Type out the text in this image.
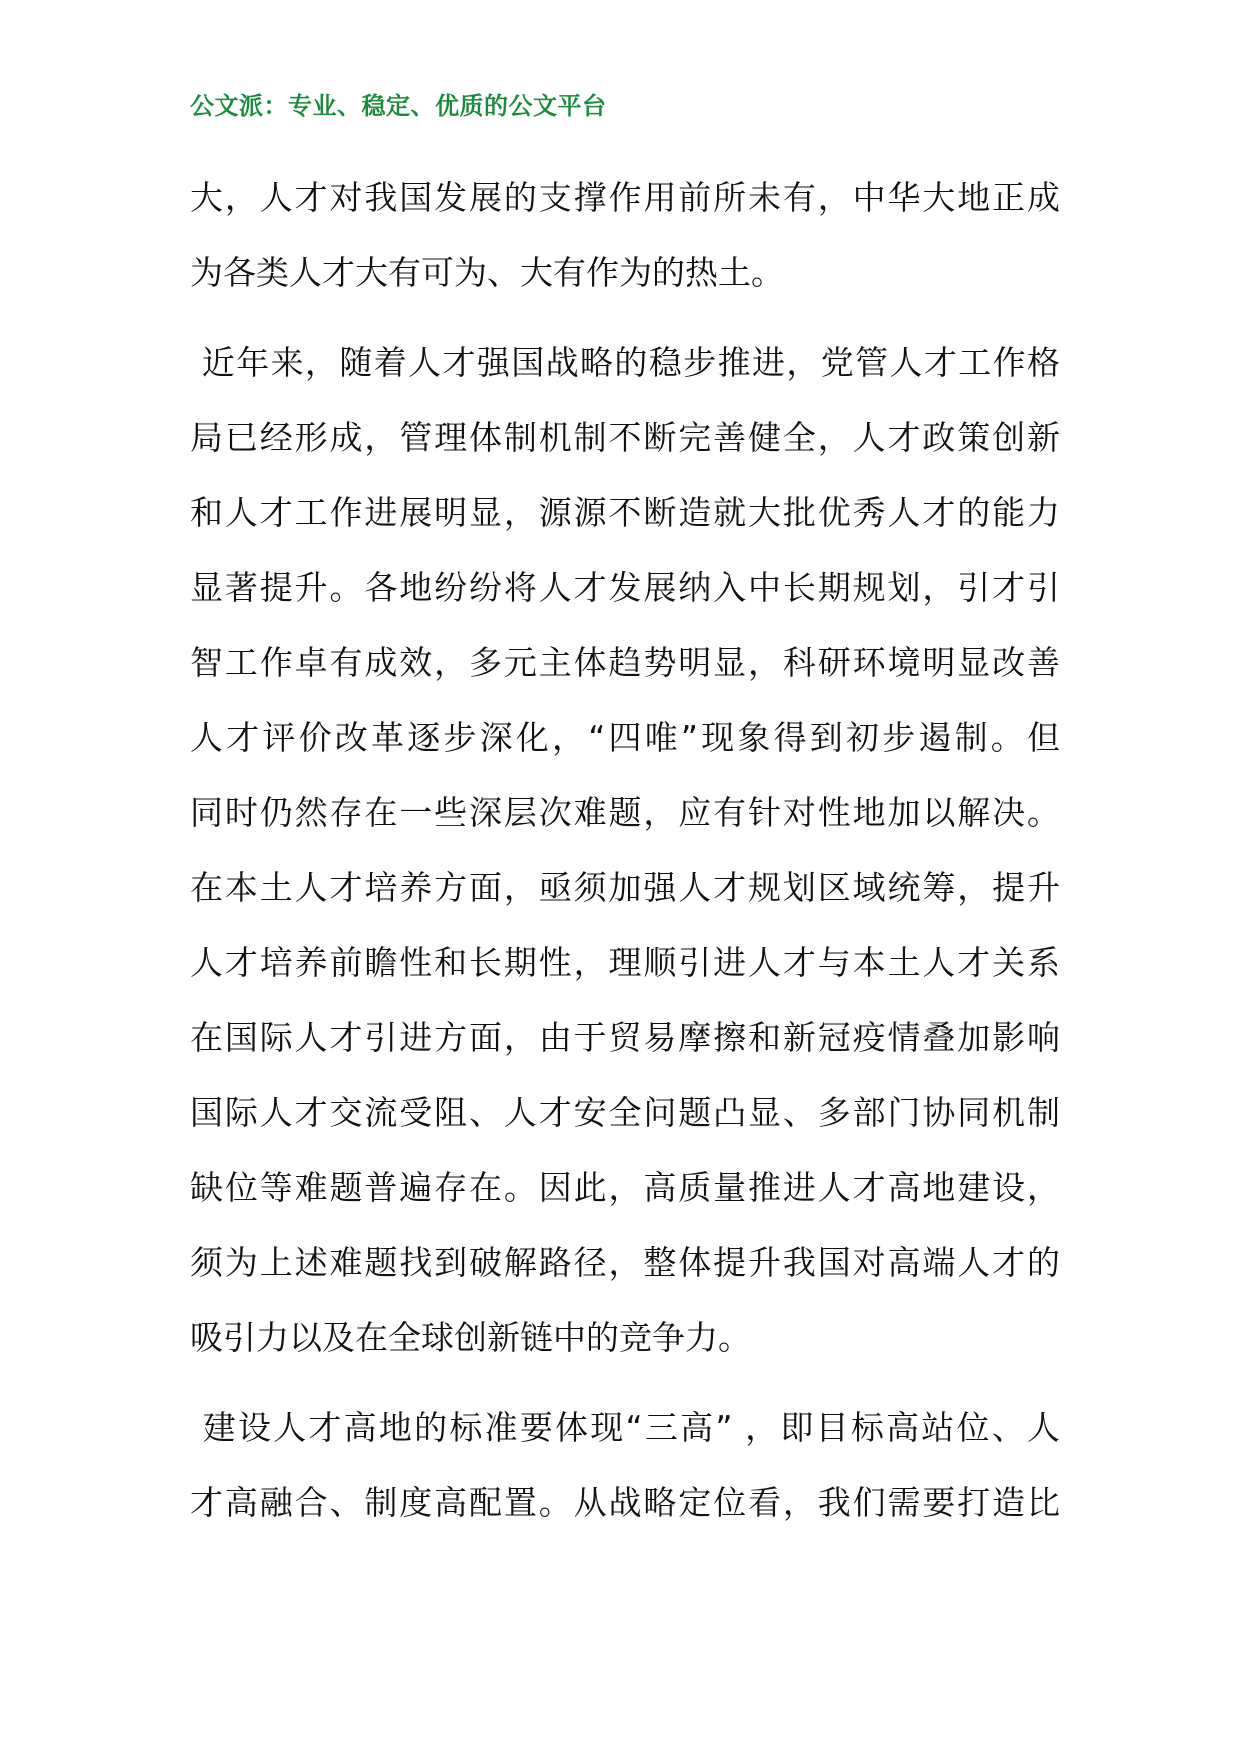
公文派：专业、稳定、优质的公文平台
大，人才对我国发展的支撑作用前所未有，中华大地正成
为各类人才大有可为、大有作为的热土。
近年来，随着人才强国战略的稳步推进，党管人才工作格
局已经形成，管理体制机制不断完善健全，人才政策创新
和人才工作进展明显，源源不断造就大批优秀人才的能力
显著提升。各地纷纷将人才发展纳入中长期规划，引才引
智工作卓有成效，多元主体趋势明显，科研环境明显改善
人才评价改革逐步深化，“四唯”现象得到初步遏制。但
同时仍然存在一些深层次难题，应有针对性地加以解决。
在本土人才培养方面，亟须加强人才规划区域统筹，提升
人才培养前瞻性和长期性，理顺引进人才与本土人才关系
在国际人才引进方面，由于贸易摩擦和新冠疫情叠加影响
国际人才交流受阻、人才安全问题凸显、多部门协同机制
缺位等难题普遍存在。因此，高质量推进人才高地建设，
须为上述难题找到破解路径，整体提升我国对高端人才的
吸引力以及在全球创新链中的竞争力。
建设人才高地的标准要体现“三高” ，即目标高站位、人
才高融合、制度高配置。从战略定位看，我们需要打造比
